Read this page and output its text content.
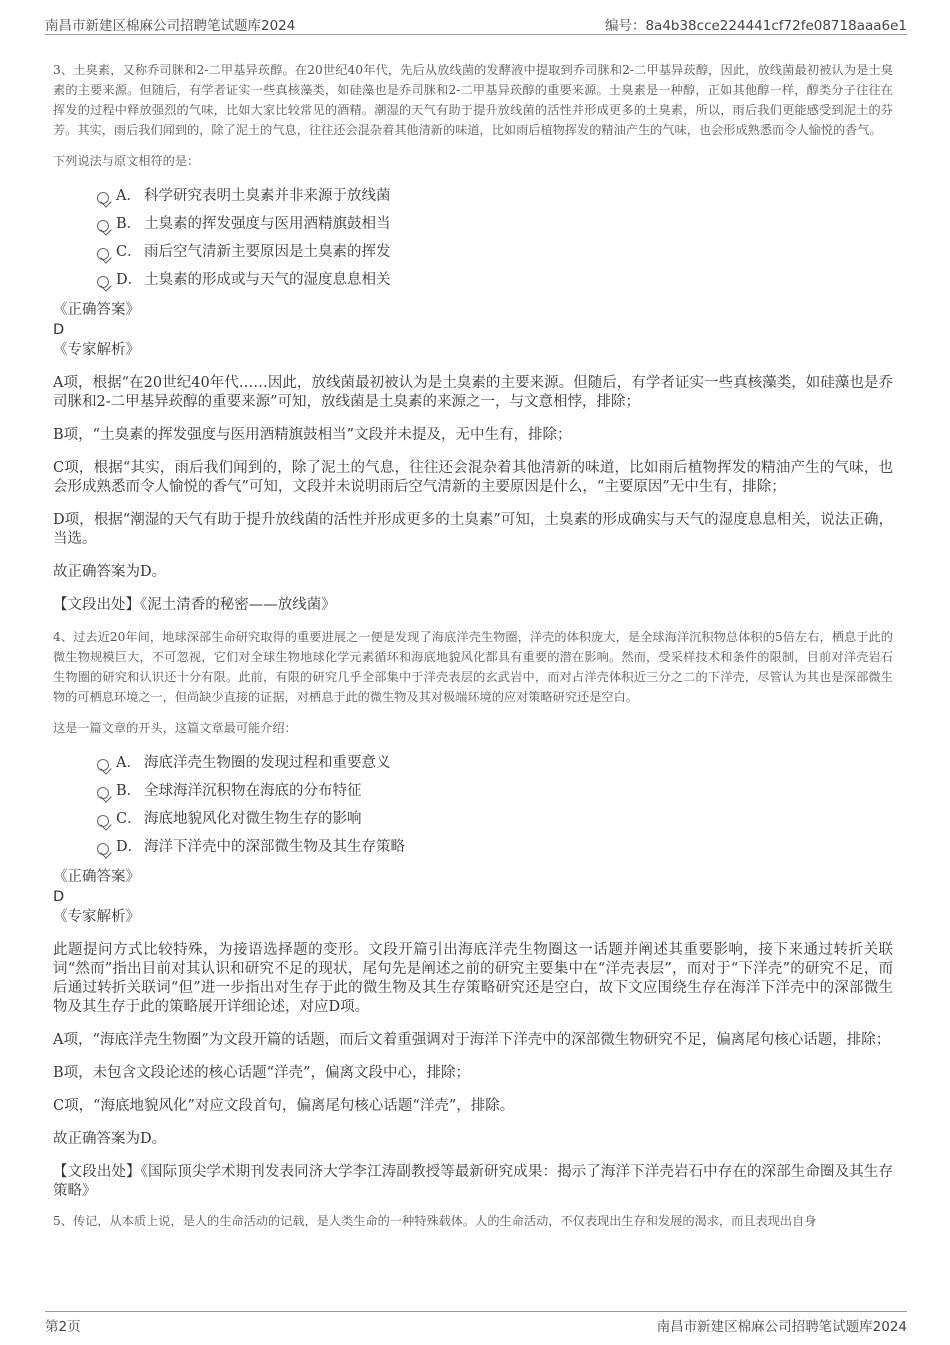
南昌市新建区棉麻公司招聘笔试题库2024	编号：8a4b38cce224441cf72fe08718aaa6e1

3、土臭素，又称乔司脒和2-二甲基异莰醇。在20世纪40年代，先后从放线菌的发酵液中提取到乔司脒和2-二甲基异莰醇，因此，放线菌最初被认为是土臭素的主要来源。但随后，有学者证实一些真核藻类，如硅藻也是乔司脒和2-二甲基异莰醇的重要来源。土臭素是一种醇，正如其他醇一样，醇类分子往往在挥发的过程中释放强烈的气味，比如大家比较常见的酒精。潮湿的天气有助于提升放线菌的活性并形成更多的土臭素，所以，雨后我们更能感受到泥土的芬芳。其实，雨后我们闻到的，除了泥土的气息，往往还会混杂着其他清新的味道，比如雨后植物挥发的精油产生的气味，也会形成熟悉而令人愉悦的香气。

下列说法与原文相符的是：

A． 科学研究表明土臭素并非来源于放线菌
B． 土臭素的挥发强度与医用酒精旗鼓相当
C． 雨后空气清新主要原因是土臭素的挥发
D． 土臭素的形成或与天气的湿度息息相关
《正确答案》
D
《专家解析》

A项，根据“在20世纪40年代……因此，放线菌最初被认为是土臭素的主要来源。但随后，有学者证实一些真核藻类，如硅藻也是乔司脒和2-二甲基异莰醇的重要来源”可知，放线菌是土臭素的来源之一，与文意相悖，排除；

B项，“土臭素的挥发强度与医用酒精旗鼓相当”文段并未提及，无中生有，排除；

C项，根据“其实，雨后我们闻到的，除了泥土的气息，往往还会混杂着其他清新的味道，比如雨后植物挥发的精油产生的气味，也会形成熟悉而令人愉悦的香气”可知，文段并未说明雨后空气清新的主要原因是什么，“主要原因”无中生有，排除；

D项，根据“潮湿的天气有助于提升放线菌的活性并形成更多的土臭素”可知，土臭素的形成确实与天气的湿度息息相关，说法正确，当选。

故正确答案为D。

【文段出处】《泥土清香的秘密——放线菌》

4、过去近20年间，地球深部生命研究取得的重要进展之一便是发现了海底洋壳生物圈，洋壳的体积庞大，是全球海洋沉积物总体积的5倍左右，栖息于此的微生物规模巨大，不可忽视，它们对全球生物地球化学元素循环和海底地貌风化都具有重要的潜在影响。然而，受采样技术和条件的限制，目前对洋壳岩石生物圈的研究和认识还十分有限。此前，有限的研究几乎全部集中于洋壳表层的玄武岩中，而对占洋壳体积近三分之二的下洋壳，尽管认为其也是深部微生物的可栖息环境之一，但尚缺少直接的证据，对栖息于此的微生物及其对极端环境的应对策略研究还是空白。

这是一篇文章的开头，这篇文章最可能介绍：

A． 海底洋壳生物圈的发现过程和重要意义
B． 全球海洋沉积物在海底的分布特征
C． 海底地貌风化对微生物生存的影响
D． 海洋下洋壳中的深部微生物及其生存策略
《正确答案》
D
《专家解析》

此题提问方式比较特殊，为接语选择题的变形。文段开篇引出海底洋壳生物圈这一话题并阐述其重要影响，接下来通过转折关联词“然而”指出目前对其认识和研究不足的现状，尾句先是阐述之前的研究主要集中在“洋壳表层”，而对于“下洋壳”的研究不足，而后通过转折关联词“但”进一步指出对生存于此的微生物及其生存策略研究还是空白，故下文应围绕生存在海洋下洋壳中的深部微生物及其生存于此的策略展开详细论述，对应D项。

A项，“海底洋壳生物圈”为文段开篇的话题，而后文着重强调对于海洋下洋壳中的深部微生物研究不足，偏离尾句核心话题，排除；

B项，未包含文段论述的核心话题“洋壳”，偏离文段中心，排除；

C项，“海底地貌风化”对应文段首句，偏离尾句核心话题“洋壳”，排除。

故正确答案为D。

【文段出处】《国际顶尖学术期刊发表同济大学李江涛副教授等最新研究成果：揭示了海洋下洋壳岩石中存在的深部生命圈及其生存策略》

5、传记，从本质上说，是人的生命活动的记载，是人类生命的一种特殊载体。人的生命活动，不仅表现出生存和发展的渴求，而且表现出自身

第2页	南昌市新建区棉麻公司招聘笔试题库2024
